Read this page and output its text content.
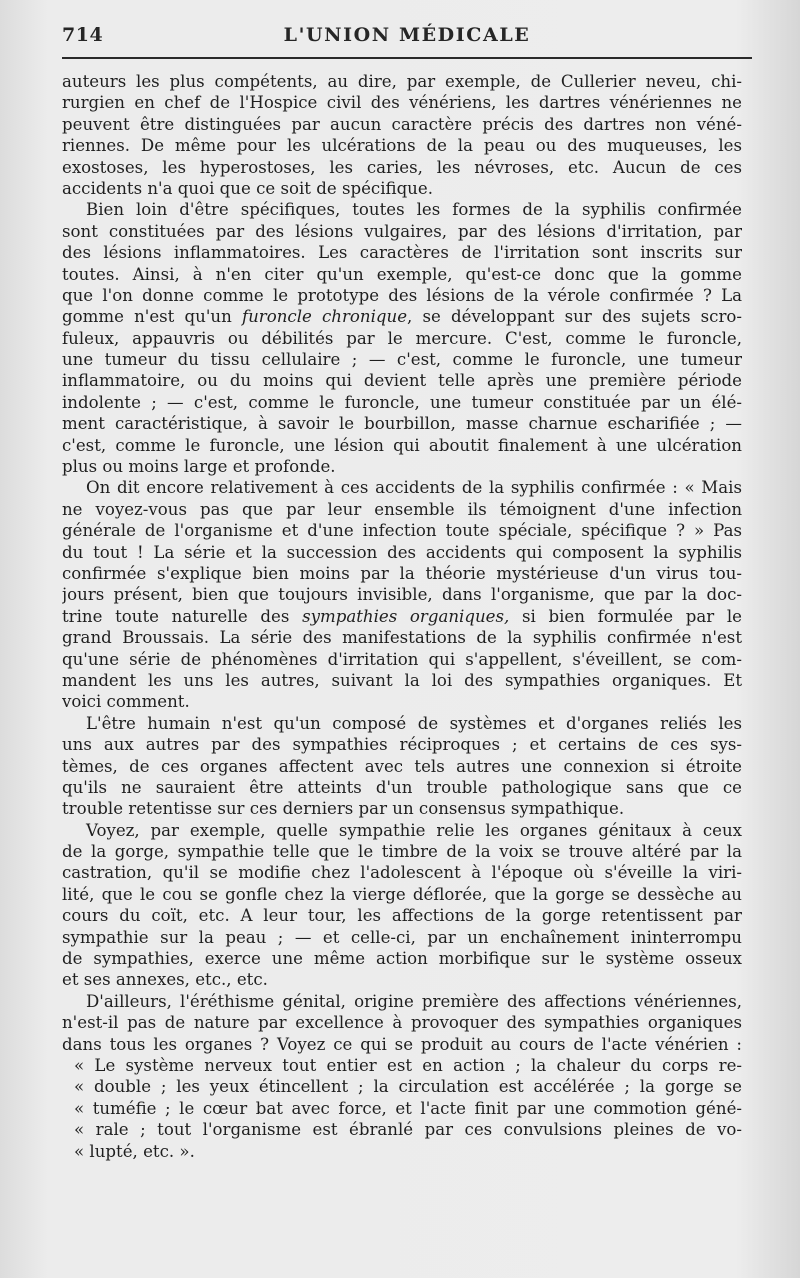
714	L'UNION MÉDICALE
auteurs les plus compétents, au dire, par exemple, de Cullerier neveu, chi-
rurgien en chef de l'Hospice civil des vénériens, les dartres vénériennes ne
peuvent être distinguées par aucun caractère précis des dartres non véné-
riennes. De même pour les ulcérations de la peau ou des muqueuses, les
exostoses, les hyperostoses, les caries, les névroses, etc. Aucun de ces
accidents n'a quoi que ce soit de spécifique.
Bien loin d'être spécifiques, toutes les formes de la syphilis confirmée
sont constituées par des lésions vulgaires, par des lésions d'irritation, par
des lésions inflammatoires. Les caractères de l'irritation sont inscrits sur
toutes. Ainsi, à n'en citer qu'un exemple, qu'est-ce donc que la gomme
que l'on donne comme le prototype des lésions de la vérole confirmée ? La
gomme n'est qu'un furoncle chronique, se développant sur des sujets scro-
fuleux, appauvris ou débilités par le mercure. C'est, comme le furoncle,
une tumeur du tissu cellulaire ; — c'est, comme le furoncle, une tumeur
inflammatoire, ou du moins qui devient telle après une première période
indolente ; — c'est, comme le furoncle, une tumeur constituée par un élé-
ment caractéristique, à savoir le bourbillon, masse charnue escharifiée ; —
c'est, comme le furoncle, une lésion qui aboutit finalement à une ulcération
plus ou moins large et profonde.
On dit encore relativement à ces accidents de la syphilis confirmée : « Mais
ne voyez-vous pas que par leur ensemble ils témoignent d'une infection
générale de l'organisme et d'une infection toute spéciale, spécifique ? » Pas
du tout ! La série et la succession des accidents qui composent la syphilis
confirmée s'explique bien moins par la théorie mystérieuse d'un virus tou-
jours présent, bien que toujours invisible, dans l'organisme, que par la doc-
trine toute naturelle des sympathies organiques, si bien formulée par le
grand Broussais. La série des manifestations de la syphilis confirmée n'est
qu'une série de phénomènes d'irritation qui s'appellent, s'éveillent, se com-
mandent les uns les autres, suivant la loi des sympathies organiques. Et
voici comment.
L'être humain n'est qu'un composé de systèmes et d'organes reliés les
uns aux autres par des sympathies réciproques ; et certains de ces sys-
tèmes, de ces organes affectent avec tels autres une connexion si étroite
qu'ils ne sauraient être atteints d'un trouble pathologique sans que ce
trouble retentisse sur ces derniers par un consensus sympathique.
Voyez, par exemple, quelle sympathie relie les organes génitaux à ceux
de la gorge, sympathie telle que le timbre de la voix se trouve altéré par la
castration, qu'il se modifie chez l'adolescent à l'époque où s'éveille la viri-
lité, que le cou se gonfle chez la vierge déflorée, que la gorge se dessèche au
cours du coït, etc. A leur tour, les affections de la gorge retentissent par
sympathie sur la peau ; — et celle-ci, par un enchaînement ininterrompu
de sympathies, exerce une même action morbifique sur le système osseux
et ses annexes, etc., etc.
D'ailleurs, l'éréthisme génital, origine première des affections vénériennes,
n'est-il pas de nature par excellence à provoquer des sympathies organiques
dans tous les organes ? Voyez ce qui se produit au cours de l'acte vénérien :
« Le système nerveux tout entier est en action ; la chaleur du corps re-
« double ; les yeux étincellent ; la circulation est accélérée ; la gorge se
« tuméfie ; le cœur bat avec force, et l'acte finit par une commotion géné-
« rale ; tout l'organisme est ébranlé par ces convulsions pleines de vo-
« lupté, etc. ».
